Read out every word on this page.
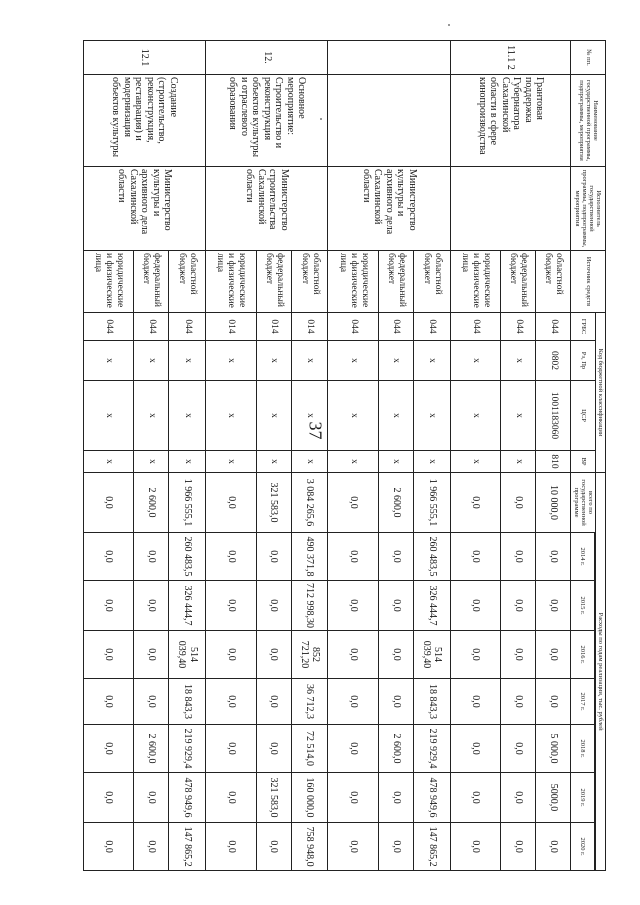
37
№ пп.	Наименование государственной программы, подпрограммы, мероприятия	Исполнитель государственной программы, подпрограммы, мероприятия	Источник средств	Код бюджетной классификации				Расходы по годам реализации, тыс. рублей							
				ГРБС	Рз, Пр	ЦСР	ВР	всего по государственной программе							
									2014 г.	2015 г.	2016 г.	2017 г.	2018 г.	2019 г.	2020 г.
11.1 2	Грантовая поддержка Губернатора Сахалинской области в сфере кинопроизводства		областной бюджет	044	0802	1001183060	810	10 000,0	0,0	0,0	0,0	0,0	5 000,0	5000,0	0,0
			федеральный бюджет	044	х	х	х	0,0	0,0	0,0	0,0	0,0	0,0	0,0	0,0
			юридические и физические лица	044	х	х	х	0,0	0,0	0,0	0,0	0,0	0,0	0,0	0,0
		Министерство культуры и архивного дела Сахалинской области	областной бюджет	044	х	х	х	1 966 555,1	260 483,5	326 444,7	514 039,40	18 843,3	219 929,4	478 949,6	147 865,2
			федеральный бюджет	044	х	х	х	2 600,0	0,0	0,0	0,0	0,0	2 600,0	0,0	0,0
			юридические и физические лица	044	х	х	х	0,0	0,0	0,0	0,0	0,0	0,0	0,0	0,0
12.	Основное мероприятие: Строительство и реконструкция объектов культуры и отраслевого образования	Министерство строительства Сахалинской области	областной бюджет	014	х	х	х	3 084 265,6	490 371,8	712 998,30	852 721,20	36 712,3	72 514,0	160 000,0	758 948,0
			федеральный бюджет	014	х	х	х	321 583,0	0,0	0,0	0,0	0,0	0,0	321 583,0	0,0
			юридические и физические лица	014	х	х	х	0,0	0,0	0,0	0,0	0,0	0,0	0,0	0,0
12.1	Создание (строительство, реконструкция, реставрация) и модернизация объектов культуры	Министерство культуры и архивного дела Сахалинской области	областной бюджет	044	х	х	х	1 966 555,1	260 483,5	326 444,7	514 039,40	18 843,3	219 929,4	478 949,6	147 865,2
			федеральный бюджет	044	х	х	х	2 600,0	0,0	0,0	0,0	0,0	2 600,0	0,0	0,0
			юридические и физические лица	044	х	х	х	0,0	0,0	0,0	0,0	0,0	0,0	0,0	0,0
